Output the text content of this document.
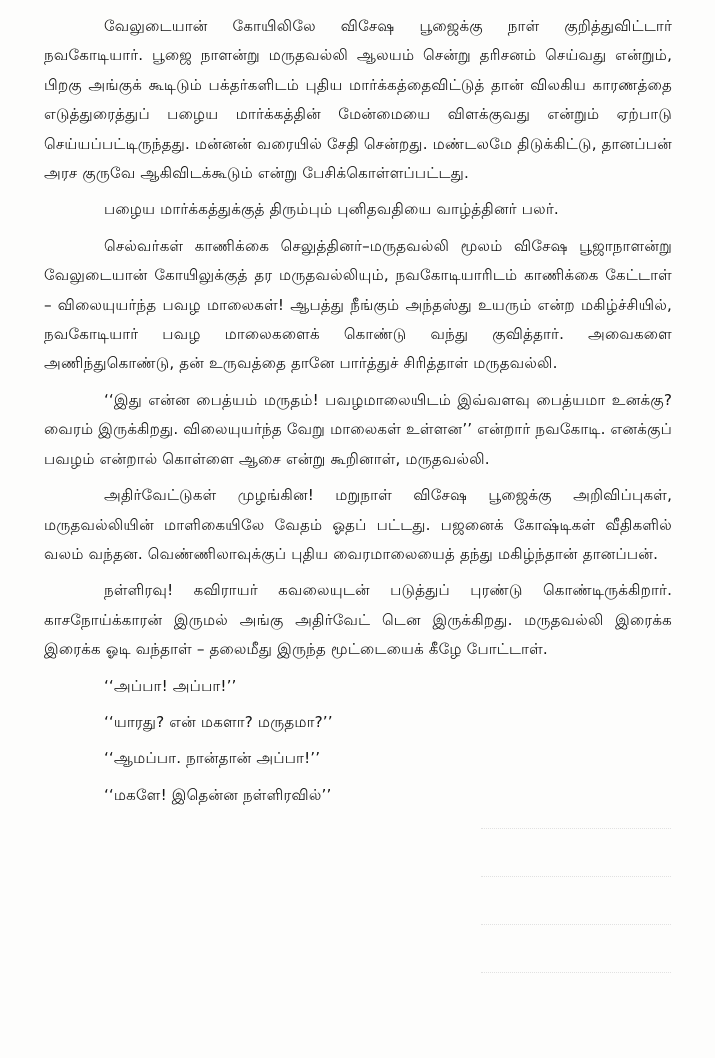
வேலுடையான் கோயிலிலே விசேஷ பூஜைக்கு நாள் குறித்துவிட்டார் நவகோடியார். பூஜை நாளன்று மருதவல்லி ஆலயம் சென்று தரிசனம் செய்வது என்றும், பிறகு அங்குக் கூடிடும் பக்தர்களிடம் புதிய மார்க்கத்தைவிட்டுத் தான் விலகிய காரணத்தை எடுத்துரைத்துப் பழைய மார்க்கத்தின் மேன்மையை விளக்குவது என்றும் ஏற்பாடு செய்யப்பட்டிருந்தது. மன்னன் வரையில் சேதி சென்றது. மண்டலமே திடுக்கிட்டு, தானப்பன் அரச குருவே ஆகிவிடக்கூடும் என்று பேசிக்கொள்ளப்பட்டது.

பழைய மார்க்கத்துக்குத் திரும்பும் புனிதவதியை வாழ்த்தினர் பலர்.

செல்வர்கள் காணிக்கை செலுத்தினர்–மருதவல்லி மூலம் விசேஷ பூஜாநாளன்று வேலுடையான் கோயிலுக்குத் தர மருதவல்லியும், நவகோடியாரிடம் காணிக்கை கேட்டாள் – விலையுயர்ந்த பவழ மாலைகள்! ஆபத்து நீங்கும் அந்தஸ்து உயரும் என்ற மகிழ்ச்சியில், நவகோடியார் பவழ மாலைகளைக் கொண்டு வந்து குவித்தார். அவைகளை அணிந்துகொண்டு, தன் உருவத்தை தானே பார்த்துச் சிரித்தாள் மருதவல்லி.

‘‘இது என்ன பைத்யம் மருதம்! பவழமாலையிடம் இவ்வளவு பைத்யமா உனக்கு? வைரம் இருக்கிறது. விலையுயர்ந்த வேறு மாலைகள் உள்ளன’’ என்றார் நவகோடி. எனக்குப் பவழம் என்றால் கொள்ளை ஆசை என்று கூறினாள், மருதவல்லி.

அதிர்வேட்டுகள் முழங்கின! மறுநாள் விசேஷ பூஜைக்கு அறிவிப்புகள், மருதவல்லியின் மாளிகையிலே வேதம் ஓதப் பட்டது. பஜனைக் கோஷ்டிகள் வீதிகளில் வலம் வந்தன. வெண்ணிலாவுக்குப் புதிய வைரமாலையைத் தந்து மகிழ்ந்தான் தானப்பன்.

நள்ளிரவு! கவிராயர் கவலையுடன் படுத்துப் புரண்டு கொண்டிருக்கிறார். காசநோய்க்காரன் இருமல் அங்கு அதிர்வேட் டென இருக்கிறது. மருதவல்லி இரைக்க இரைக்க ஓடி வந்தாள் – தலைமீது இருந்த மூட்டையைக் கீழே போட்டாள்.

‘‘அப்பா! அப்பா!’’

‘‘யாரது? என் மகளா? மருதமா?’’

‘‘ஆமப்பா. நான்தான் அப்பா!’’

‘‘மகளே! இதென்ன நள்ளிரவில்’’
